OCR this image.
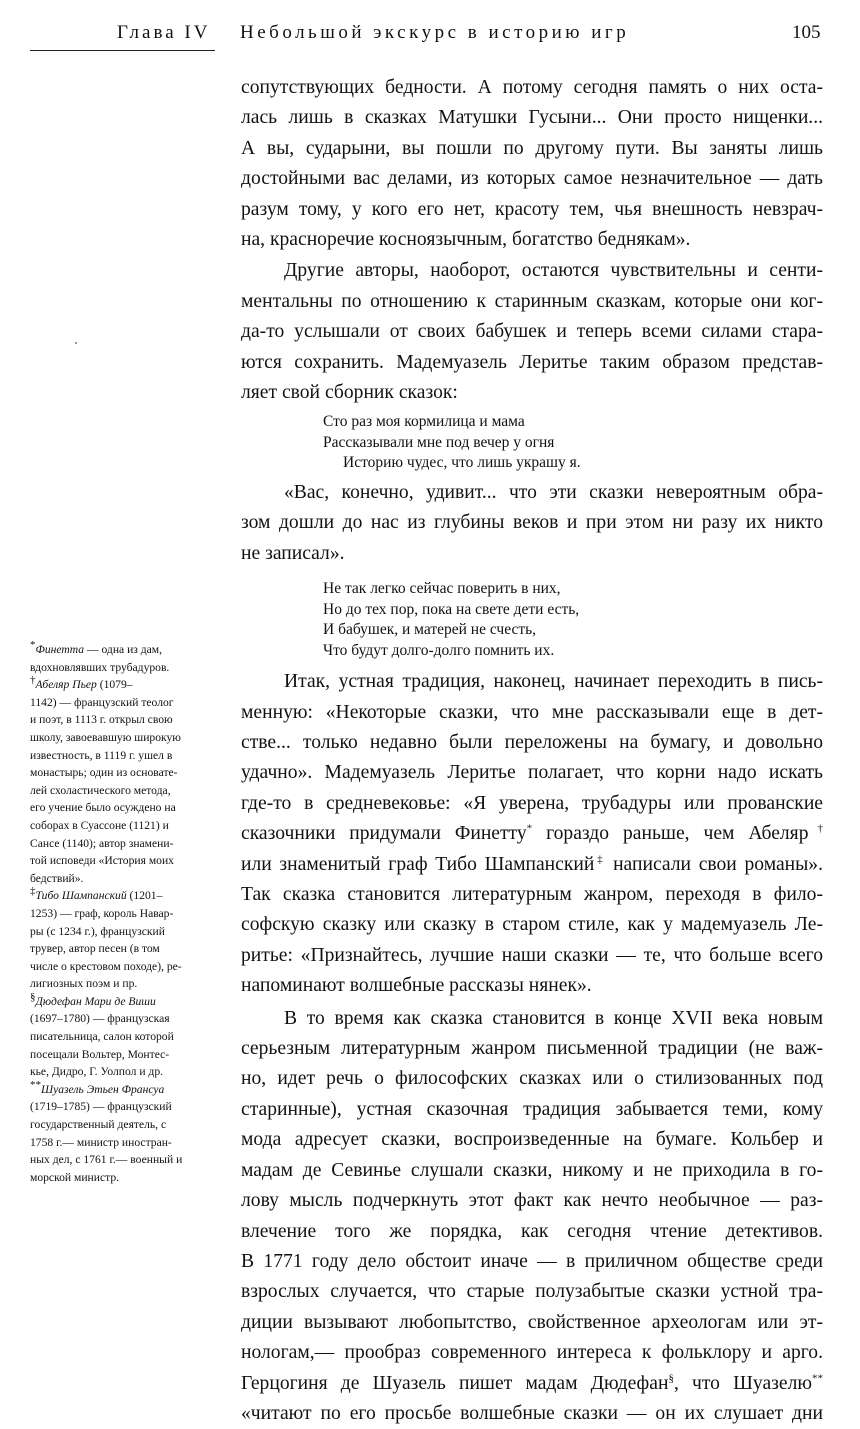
Глава IV Небольшой экскурс в историю игр	105

сопутствующих бедности. А потому сегодня память о них оста-
лась лишь в сказках Матушки Гусыни... Они просто нищенки...
А вы, сударыни, вы пошли по другому пути. Вы заняты лишь
достойными вас делами, из которых самое незначительное — дать
разум тому, у кого его нет, красоту тем, чья внешность невзрач-
на, красноречие косноязычным, богатство беднякам».

Другие авторы, наоборот, остаются чувствительны и сенти-
ментальны по отношению к старинным сказкам, которые они ког-
да-то услышали от своих бабушек и теперь всеми силами стара-
ются сохранить. Мадемуазель Леритье таким образом представ-
ляет свой сборник сказок:

Сто раз моя кормилица и мама
Рассказывали мне под вечер у огня
Историю чудес, что лишь украшу я.

«Вас, конечно, удивит... что эти сказки невероятным обра-
зом дошли до нас из глубины веков и при этом ни разу их никто
не записал».

Не так легко сейчас поверить в них,
Но до тех пор, пока на свете дети есть,
И бабушек, и матерей не счесть,
Что будут долго-долго помнить их.

Итак, устная традиция, наконец, начинает переходить в пись-
менную: «Некоторые сказки, что мне рассказывали еще в дет-
стве... только недавно были переложены на бумагу, и довольно
удачно». Мадемуазель Леритье полагает, что корни надо искать
где-то в средневековье: «Я уверена, трубадуры или прованские
сказочники придумали Финетту* гораздо раньше, чем Абеляр†
или знаменитый граф Тибо Шампанский‡ написали свои романы».
Так сказка становится литературным жанром, переходя в фило-
софскую сказку или сказку в старом стиле, как у мадемуазель Ле-
ритье: «Признайтесь, лучшие наши сказки — те, что больше всего
напоминают волшебные рассказы нянек».

В то время как сказка становится в конце XVII века новым
серьезным литературным жанром письменной традиции (не важ-
но, идет речь о философских сказках или о стилизованных под
старинные), устная сказочная традиция забывается теми, кому
мода адресует сказки, воспроизведенные на бумаге. Кольбер и
мадам де Севинье слушали сказки, никому и не приходила в го-
лову мысль подчеркнуть этот факт как нечто необычное — раз-
влечение того же порядка, как сегодня чтение детективов.
В 1771 году дело обстоит иначе — в приличном обществе среди
взрослых случается, что старые полузабытые сказки устной тра-
диции вызывают любопытство, свойственное археологам или эт-
нологам,— прообраз современного интереса к фольклору и арго.
Герцогиня де Шуазель пишет мадам Дюдефан§, что Шуазелю**
«читают по его просьбе волшебные сказки — он их слушает дни

*Финетта — одна из дам,
вдохновлявших трубадуров.
†Абеляр Пьер (1079–
1142) — французский теолог
и поэт, в 1113 г. открыл свою
школу, завоевавшую широкую
известность, в 1119 г. ушел в
монастырь; один из основате-
лей схоластического метода,
его учение было осуждено на
соборах в Суассоне (1121) и
Сансе (1140); автор знамени-
той исповеди «История моих
бедствий».
‡Тибо Шампанский (1201–
1253) — граф, король Навар-
ры (с 1234 г.), французский
трувер, автор песен (в том
числе о крестовом походе), ре-
лигиозных поэм и пр.
§Дюдефан Мари де Виши
(1697–1780) — французская
писательница, салон которой
посещали Вольтер, Монтес-
кье, Дидро, Г. Уолпол и др.
**Шуазель Этьен Франсуа
(1719–1785) — французский
государственный деятель, с
1758 г.— министр иностран-
ных дел, с 1761 г.— военный и
морской министр.
